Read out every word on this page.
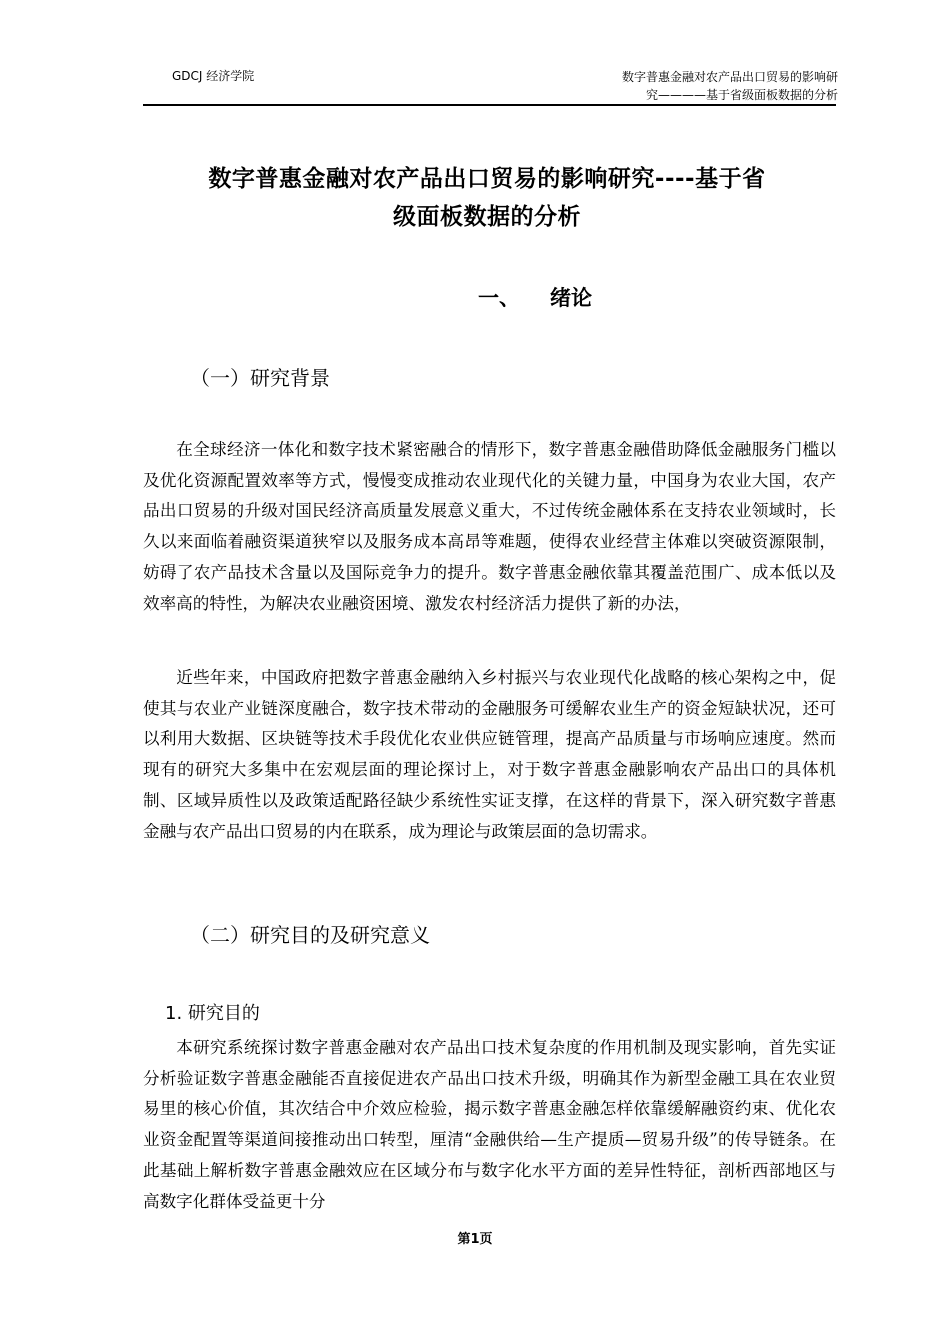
GDCJ 经济学院	数字普惠金融对农产品出口贸易的影响研
究————基于省级面板数据的分析
数字普惠金融对农产品出口贸易的影响研究----基于省
级面板数据的分析
一、 绪论
（一）研究背景

在全球经济一体化和数字技术紧密融合的情形下，数字普惠金融借助降低金融服务门槛以及优化资源配置效率等方式，慢慢变成推动农业现代化的关键力量，中国身为农业大国，农产品出口贸易的升级对国民经济高质量发展意义重大，不过传统金融体系在支持农业领域时，长久以来面临着融资渠道狭窄以及服务成本高昂等难题，使得农业经营主体难以突破资源限制，妨碍了农产品技术含量以及国际竞争力的提升。数字普惠金融依靠其覆盖范围广、成本低以及效率高的特性，为解决农业融资困境、激发农村经济活力提供了新的办法，

近些年来，中国政府把数字普惠金融纳入乡村振兴与农业现代化战略的核心架构之中，促使其与农业产业链深度融合，数字技术带动的金融服务可缓解农业生产的资金短缺状况，还可以利用大数据、区块链等技术手段优化农业供应链管理，提高产品质量与市场响应速度。然而现有的研究大多集中在宏观层面的理论探讨上，对于数字普惠金融影响农产品出口的具体机制、区域异质性以及政策适配路径缺少系统性实证支撑，在这样的背景下，深入研究数字普惠金融与农产品出口贸易的内在联系，成为理论与政策层面的急切需求。

（二）研究目的及研究意义
1. 研究目的

本研究系统探讨数字普惠金融对农产品出口技术复杂度的作用机制及现实影响，首先实证分析验证数字普惠金融能否直接促进农产品出口技术升级，明确其作为新型金融工具在农业贸易里的核心价值，其次结合中介效应检验，揭示数字普惠金融怎样依靠缓解融资约束、优化农业资金配置等渠道间接推动出口转型，厘清“金融供给—生产提质—贸易升级”的传导链条。在此基础上解析数字普惠金融效应在区域分布与数字化水平方面的差异性特征，剖析西部地区与高数字化群体受益更十分

第1页
